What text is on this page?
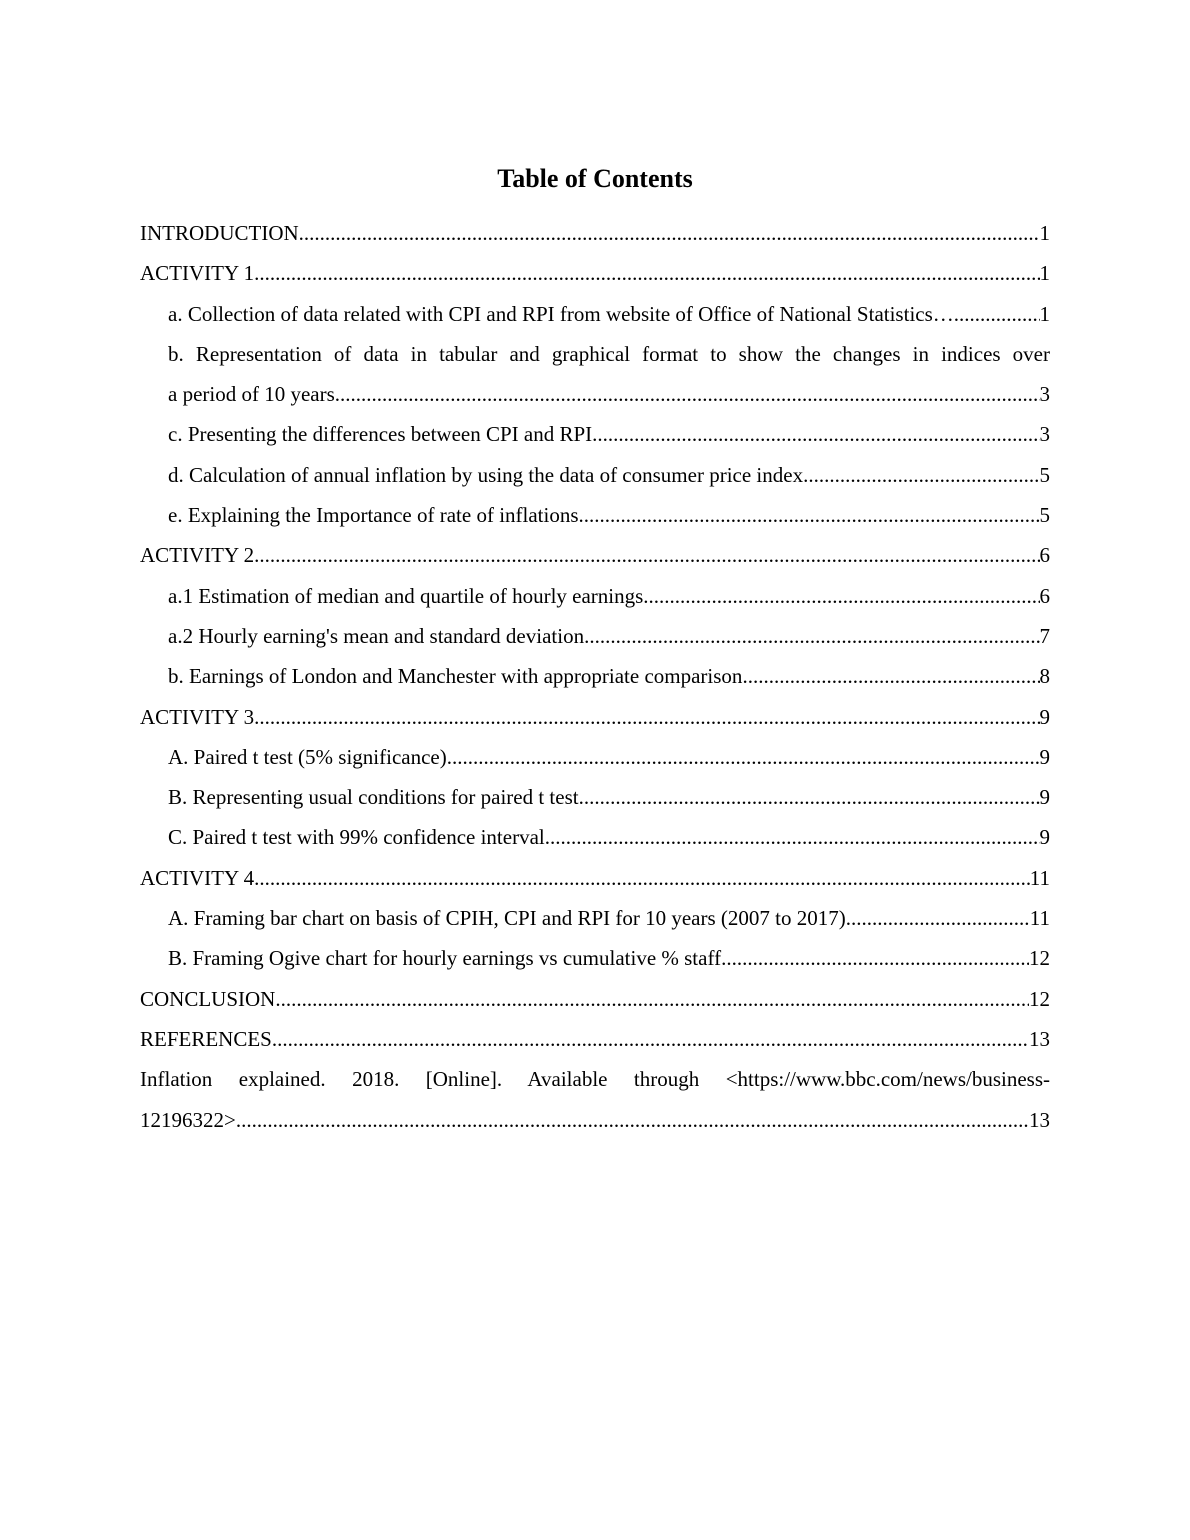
Table of Contents
INTRODUCTION .....	1
ACTIVITY 1 .....	1
a. Collection of data related with CPI and RPI from website of Office of National Statistics… .....	1
b. Representation of data in tabular and graphical format to show the changes in indices over
a period of 10 years .....	3
c. Presenting the differences between CPI and RPI .....	3
d. Calculation of annual inflation by using the data of consumer price index .....	5
e. Explaining the Importance of rate of inflations .....	5
ACTIVITY 2 .....	6
a.1 Estimation of median and quartile of hourly earnings .....	6
a.2 Hourly earning's mean and standard deviation .....	7
b. Earnings of London and Manchester with appropriate comparison .....	8
ACTIVITY 3 .....	9
A. Paired t test (5% significance) .....	9
B. Representing usual conditions for paired t test .....	9
C. Paired t test with 99% confidence interval .....	9
ACTIVITY 4 .....	11
A. Framing bar chart on basis of CPIH, CPI and RPI for 10 years (2007 to 2017) .....	11
B. Framing Ogive chart for hourly earnings vs cumulative % staff .....	12
CONCLUSION .....	12
REFERENCES .....	13
Inflation explained. 2018. [Online]. Available through <https://www.bbc.com/news/business-
12196322> .....	13
